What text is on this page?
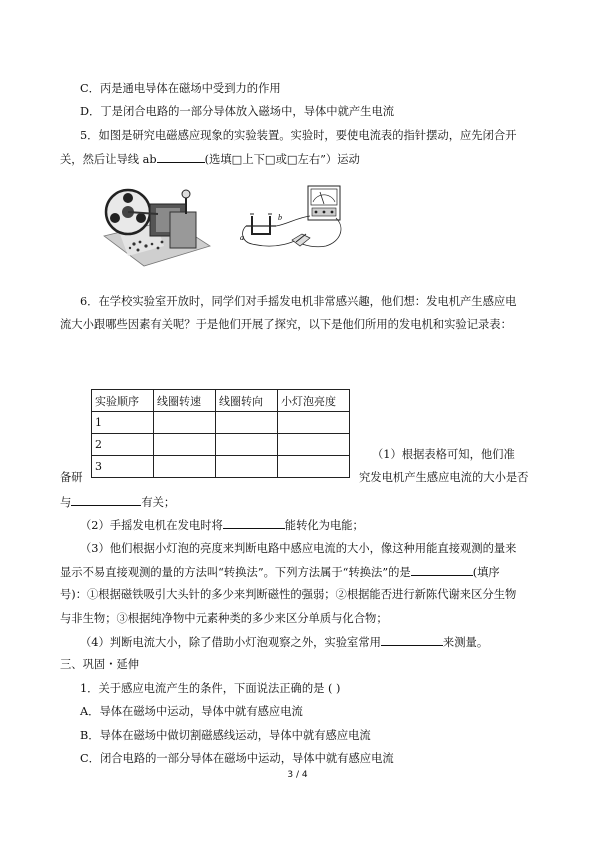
C．丙是通电导体在磁场中受到力的作用
D．丁是闭合电路的一部分导体放入磁场中，导体中就产生电流
5．如图是研究电磁感应现象的实验装置。实验时，要使电流表的指针摆动，应先闭合开
关，然后让导线 ab	(选填□上下□或□左右”）运动
a
b
6．在学校实验室开放时，同学们对手摇发电机非常感兴趣，他们想：发电机产生感应电
流大小跟哪些因素有关呢？于是他们开展了探究，以下是他们所用的发电机和实验记录表：
实验顺序	线圈转速	线圈转向	小灯泡亮度
1			
2			
3			
（1）根据表格可知，他们准
备研	究发电机产生感应电流的大小是否
与	有关；
（2）手摇发电机在发电时将	能转化为电能；
（3）他们根据小灯泡的亮度来判断电路中感应电流的大小，像这种用能直接观测的量来
显示不易直接观测的量的方法叫“转换法”。下列方法属于“转换法”的是	(填序
号)：①根据磁铁吸引大头针的多少来判断磁性的强弱；②根据能否进行新陈代谢来区分生物
与非生物；③根据纯净物中元素种类的多少来区分单质与化合物；
（4）判断电流大小，除了借助小灯泡观察之外，实验室常用	来测量。
三、巩固・延伸
1．关于感应电流产生的条件，下面说法正确的是 ( )
A．导体在磁场中运动，导体中就有感应电流
B．导体在磁场中做切割磁感线运动，导体中就有感应电流
C．闭合电路的一部分导体在磁场中运动，导体中就有感应电流
3 / 4
